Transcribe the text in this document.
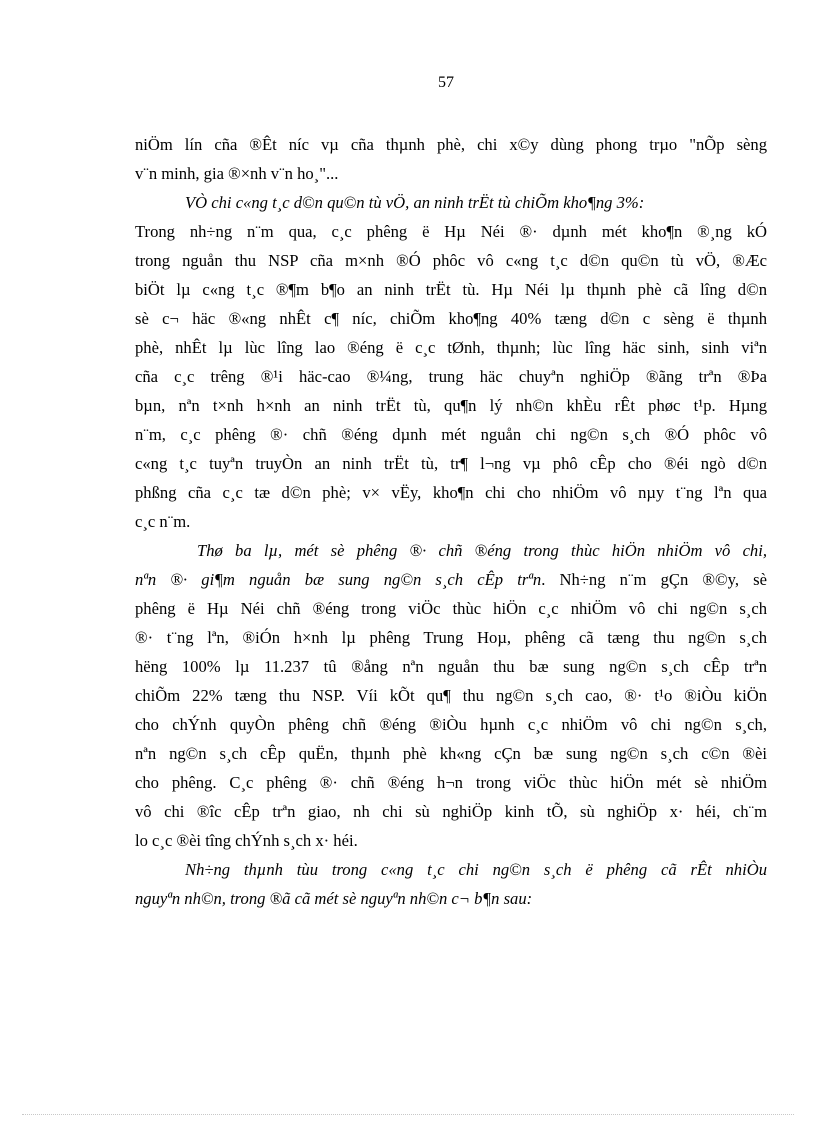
57
niÖm lín cña ®Êt níc vµ cña thµnh phè, chi x©y dùng phong trµo "nÕp sèng
v¨n minh, gia ®×nh v¨n ho¸"...
VÒ chi c«ng t¸c d©n qu©n tù vÖ, an ninh trËt tù chiÕm kho¶ng 3%:
Trong nh÷ng n¨m qua, c¸c phêng ë Hµ Néi ®· dµnh mét kho¶n ®¸ng kÓ
trong nguån thu NSP cña m×nh ®Ó phôc vô c«ng t¸c d©n qu©n tù vÖ, ®Æc
biÖt lµ c«ng t¸c ®¶m b¶o an ninh trËt tù. Hµ Néi lµ thµnh phè cã lîng d©n
sè c¬ häc ®«ng nhÊt c¶ níc, chiÕm kho¶ng 40% tæng d©n c sèng ë thµnh
phè, nhÊt lµ lùc lîng lao ®éng ë c¸c tØnh, thµnh; lùc lîng häc sinh, sinh viªn
cña c¸c trêng ®¹i häc-cao ®¼ng, trung häc chuyªn nghiÖp ®ãng trªn ®Þa
bµn, nªn t×nh h×nh an ninh trËt tù, qu¶n lý nh©n khÈu rÊt phøc t¹p. Hµng
n¨m, c¸c phêng ®· chñ ®éng dµnh mét nguån chi ng©n s¸ch ®Ó phôc vô
c«ng t¸c tuyªn truyÒn an ninh trËt tù, tr¶ l¬ng vµ phô cÊp cho ®éi ngò d©n
phßng cña c¸c tæ d©n phè; v× vËy, kho¶n chi cho nhiÖm vô nµy t¨ng lªn qua
c¸c n¨m.
Thø ba lµ, mét sè phêng ®· chñ ®éng trong thùc hiÖn nhiÖm vô chi,
nªn ®· gi¶m nguån bæ sung ng©n s¸ch cÊp trªn. Nh÷ng n¨m gÇn ®©y, sè
phêng ë Hµ Néi chñ ®éng trong viÖc thùc hiÖn c¸c nhiÖm vô chi ng©n s¸ch
®· t¨ng lªn, ®iÓn h×nh lµ phêng Trung Hoµ, phêng cã tæng thu ng©n s¸ch
hëng 100% lµ 11.237 tû ®ång nªn nguån thu bæ sung ng©n s¸ch cÊp trªn
chiÕm 22% tæng thu NSP. Víi kÕt qu¶ thu ng©n s¸ch cao, ®· t¹o ®iÒu kiÖn
cho chÝnh quyÒn phêng chñ ®éng ®iÒu hµnh c¸c nhiÖm vô chi ng©n s¸ch,
nªn ng©n s¸ch cÊp quËn, thµnh phè kh«ng cÇn bæ sung ng©n s¸ch c©n ®èi
cho phêng. C¸c phêng ®· chñ ®éng h¬n trong viÖc thùc hiÖn mét sè nhiÖm
vô chi ®îc cÊp trªn giao, nh chi sù nghiÖp kinh tÕ, sù nghiÖp x· héi, ch¨m
lo c¸c ®èi tîng chÝnh s¸ch x· héi.
Nh÷ng thµnh tùu trong c«ng t¸c chi ng©n s¸ch ë phêng cã rÊt nhiÒu
nguyªn nh©n, trong ®ã cã mét sè nguyªn nh©n c¬ b¶n sau:
